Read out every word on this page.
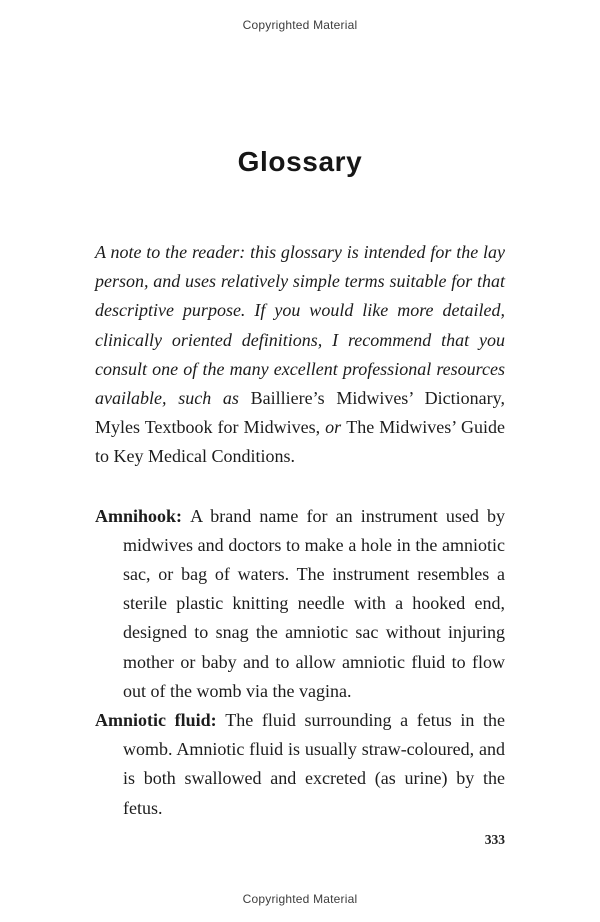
Copyrighted Material
Glossary

A note to the reader: this glossary is intended for the lay person, and uses relatively simple terms suitable for that descriptive purpose. If you would like more detailed, clinically oriented definitions, I recommend that you consult one of the many excellent professional resources available, such as Bailliere’s Midwives’ Dictionary, Myles Textbook for Midwives, or The Midwives’ Guide to Key Medical Conditions.

Amnihook: A brand name for an instrument used by midwives and doctors to make a hole in the amniotic sac, or bag of waters. The instrument resembles a sterile plastic knitting needle with a hooked end, designed to snag the amniotic sac without injuring mother or baby and to allow amniotic fluid to flow out of the womb via the vagina.

Amniotic fluid: The fluid surrounding a fetus in the womb. Amniotic fluid is usually straw-coloured, and is both swallowed and excreted (as urine) by the fetus.

333
Copyrighted Material
